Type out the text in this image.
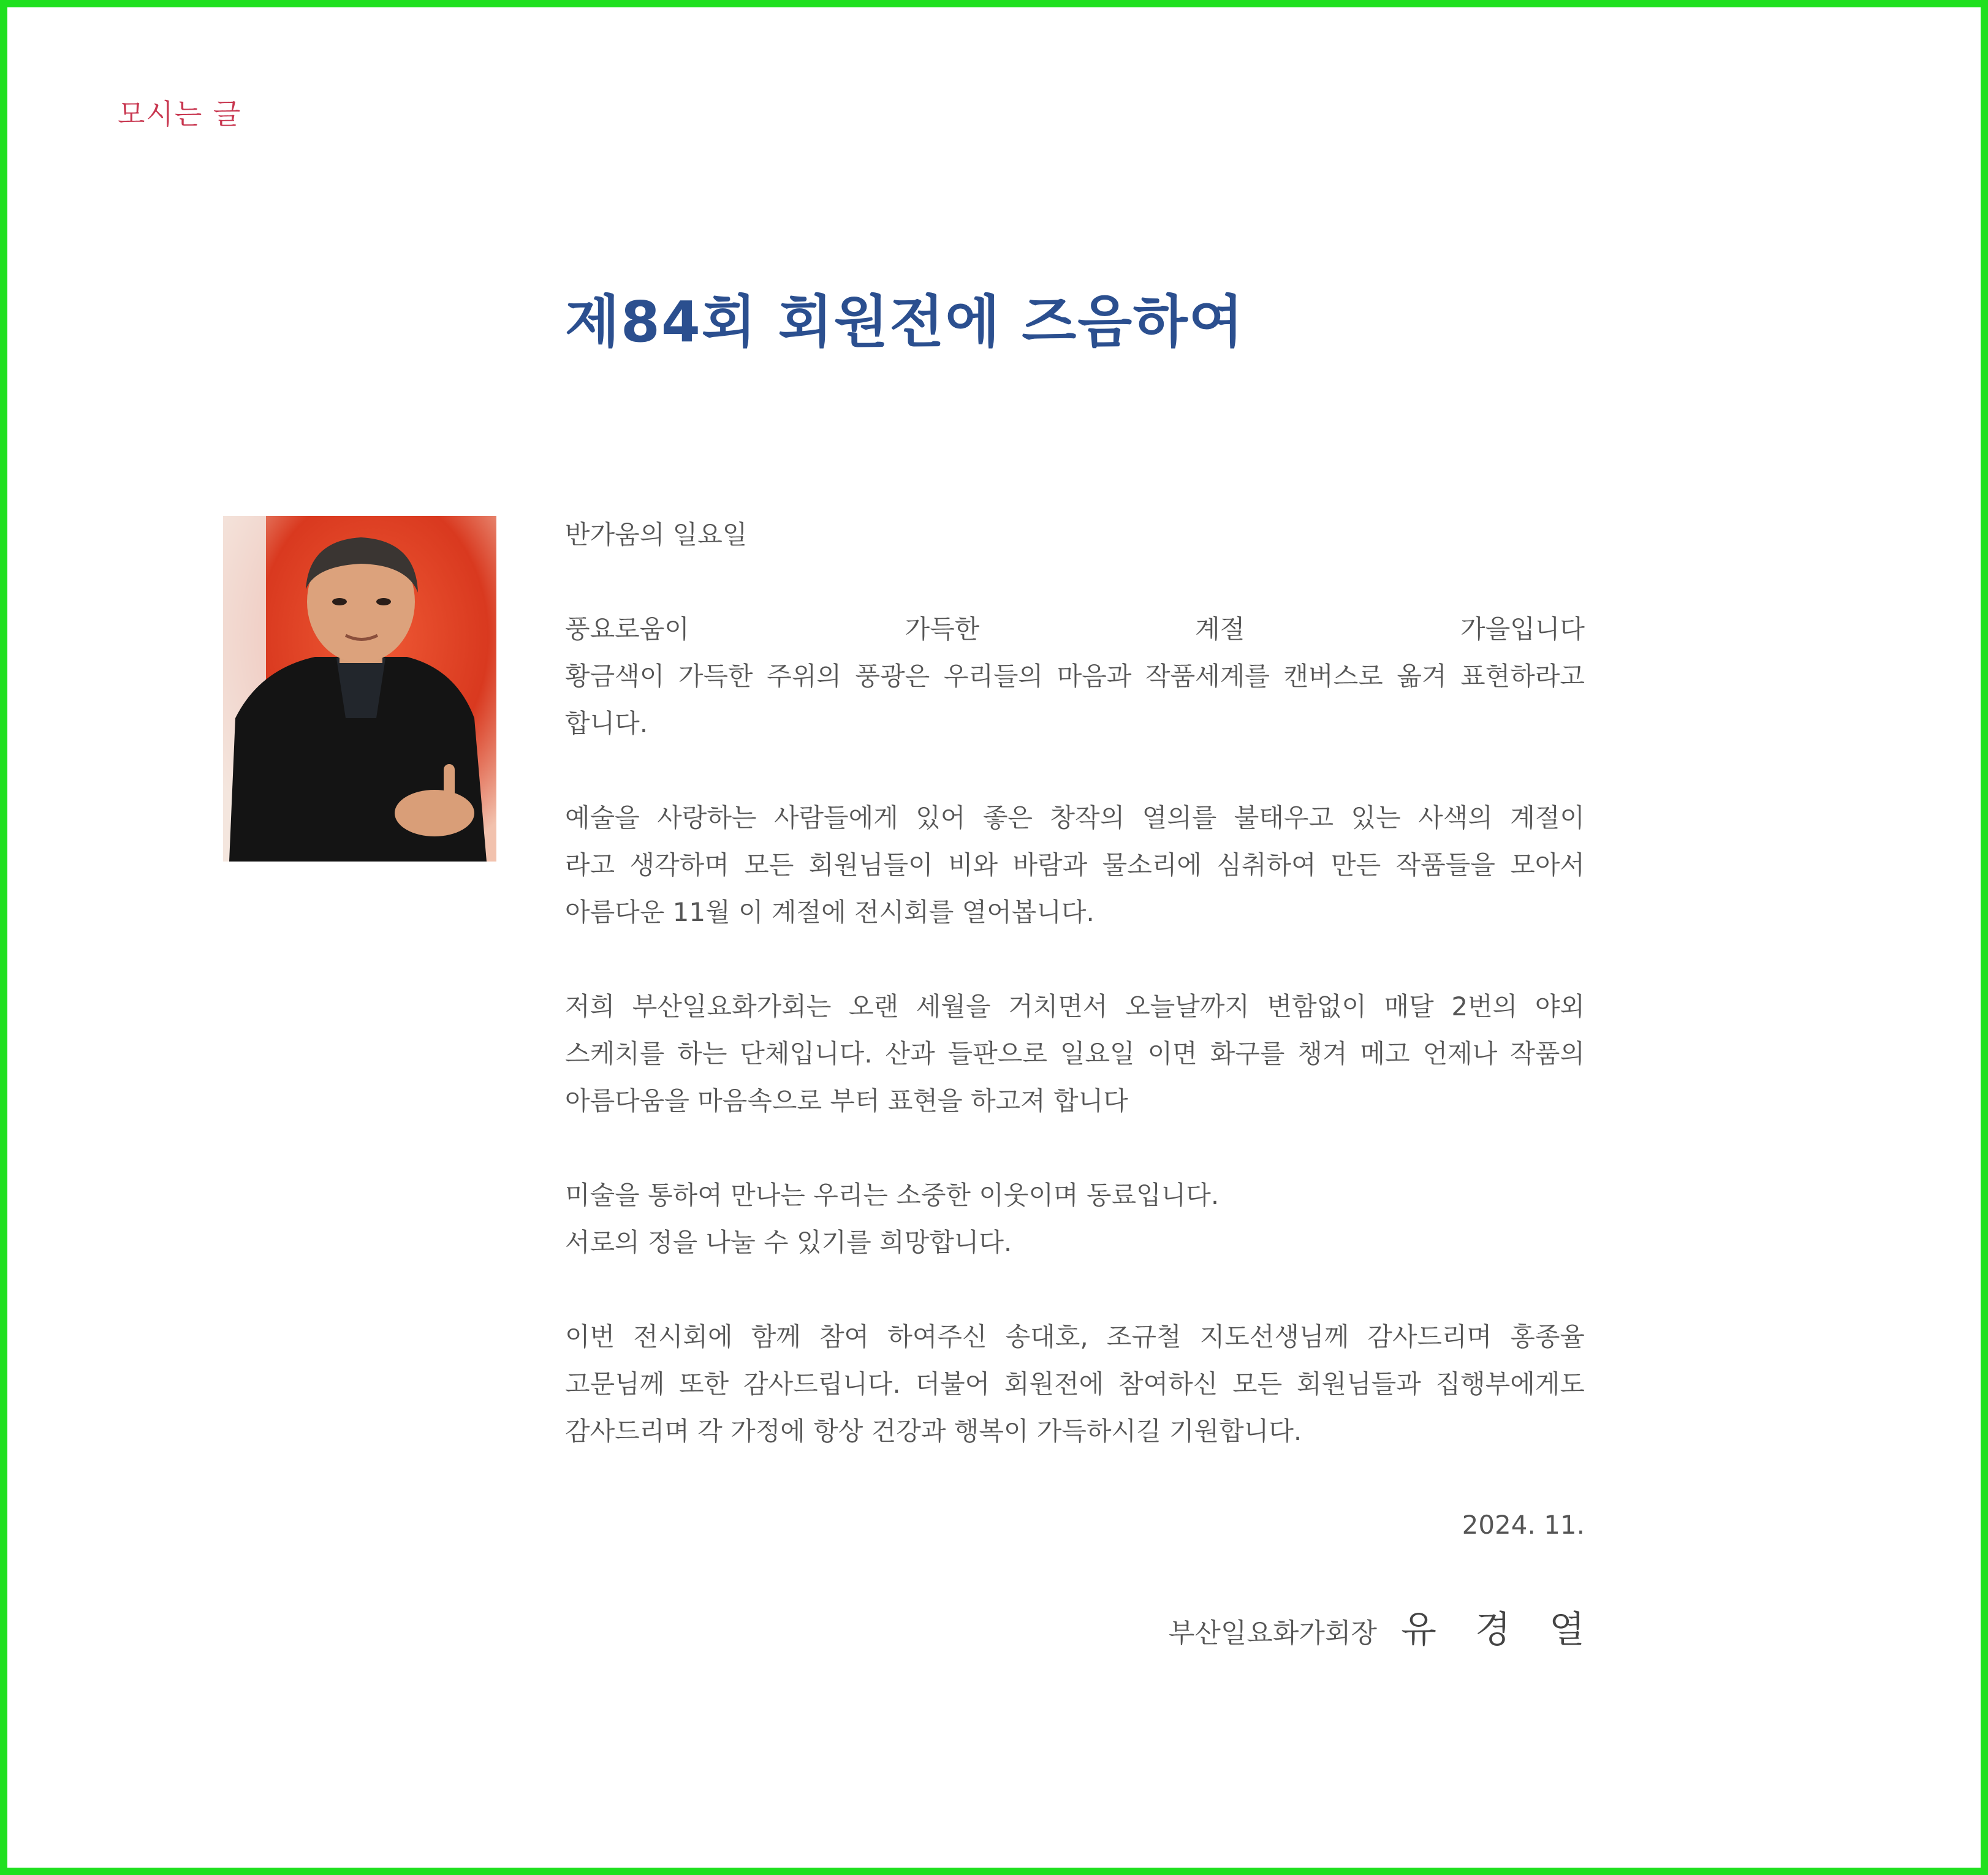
모시는 글
제84회 회원전에 즈음하여
반가움의 일요일

풍요로움이 가득한 계절 가을입니다
황금색이 가득한 주위의 풍광은 우리들의 마음과 작품세계를 캔버스로 옮겨 표현하라고
합니다.

예술을 사랑하는 사람들에게 있어 좋은 창작의 열의를 불태우고 있는 사색의 계절이
라고 생각하며 모든 회원님들이 비와 바람과 물소리에 심취하여 만든 작품들을 모아서
아름다운 11월 이 계절에 전시회를 열어봅니다.

저희 부산일요화가회는 오랜 세월을 거치면서 오늘날까지 변함없이 매달 2번의 야외
스케치를 하는 단체입니다. 산과 들판으로 일요일 이면 화구를 챙겨 메고 언제나 작품의
아름다움을 마음속으로 부터 표현을 하고져 합니다

미술을 통하여 만나는 우리는 소중한 이웃이며 동료입니다.
서로의 정을 나눌 수 있기를 희망합니다.

이번 전시회에 함께 참여 하여주신 송대호, 조규철 지도선생님께 감사드리며 홍종율
고문님께 또한 감사드립니다. 더불어 회원전에 참여하신 모든 회원님들과 집행부에게도
감사드리며 각 가정에 항상 건강과 행복이 가득하시길 기원합니다.

2024. 11.
부산일요화가회장 유 경 열
